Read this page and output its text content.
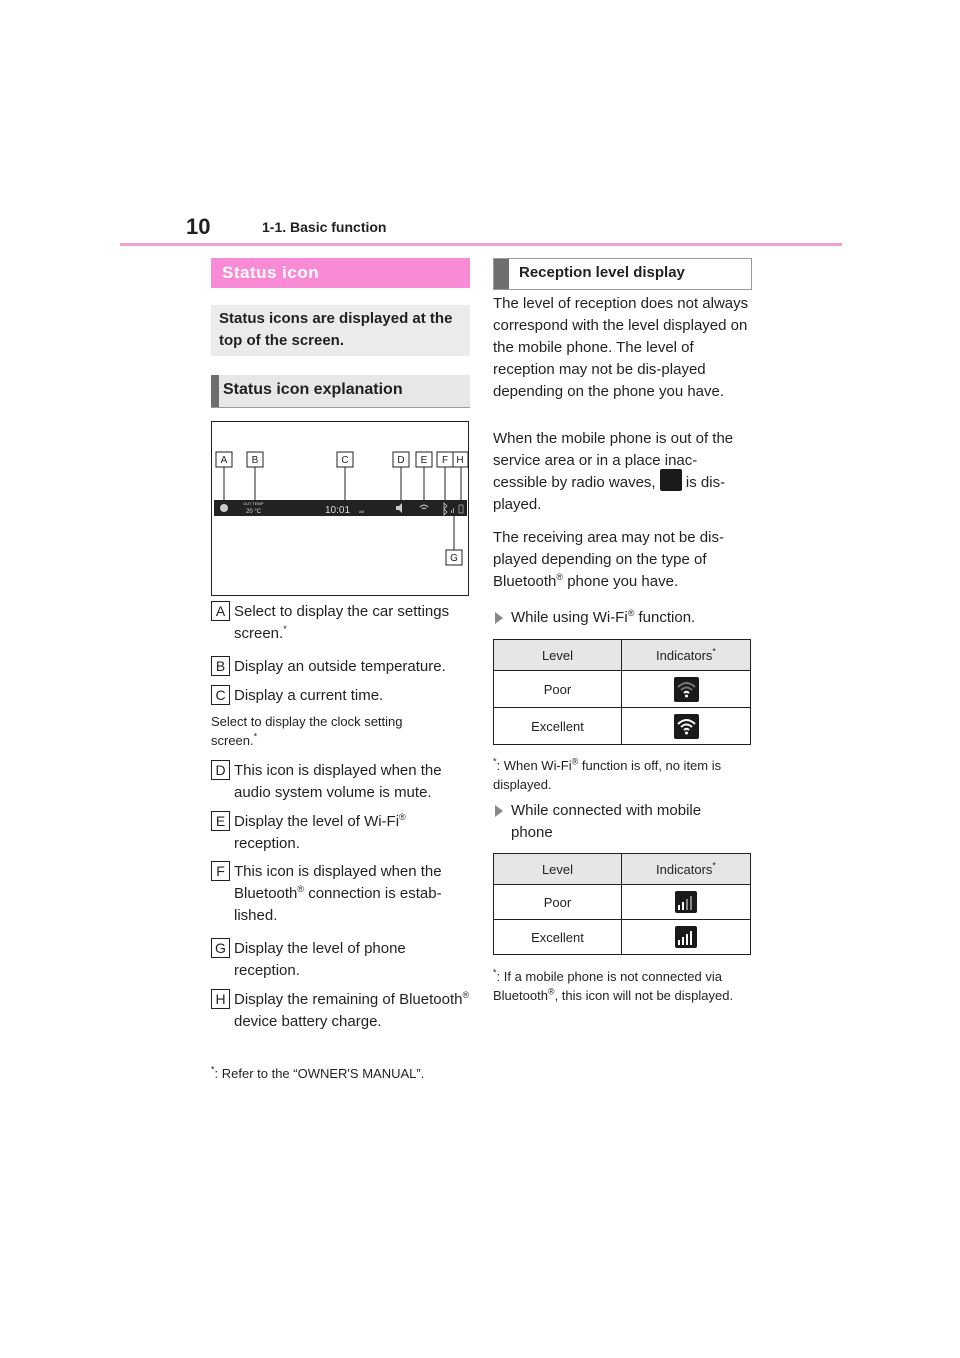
10	1-1. Basic function
Status icon
Status icons are displayed at the top of the screen.
Status icon explanation
A B	C	D E F H
G
OUT TEMP
20 °C	10:01	AM
A Select to display the car settings screen.*
B Display an outside temperature.
C Display a current time.
Select to display the clock setting screen.*
D This icon is displayed when the audio system volume is mute.
E Display the level of Wi-Fi® reception.
F This icon is displayed when the Bluetooth® connection is estab-lished.
G Display the level of phone reception.
H Display the remaining of Bluetooth® device battery charge.
*: Refer to the “OWNER'S MANUAL”.
Reception level display
The level of reception does not always correspond with the level displayed on the mobile phone. The level of reception may not be dis-played depending on the phone you have.
When the mobile phone is out of the service area or in a place inac-cessible by radio waves, is dis-played.
The receiving area may not be dis-played depending on the type of Bluetooth® phone you have.
While using Wi-Fi® function.
Level	Indicators*
Poor	
Excellent	
*: When Wi-Fi® function is off, no item is displayed.
While connected with mobile phone
Level	Indicators*
Poor	
Excellent	
*: If a mobile phone is not connected via Bluetooth®, this icon will not be displayed.
